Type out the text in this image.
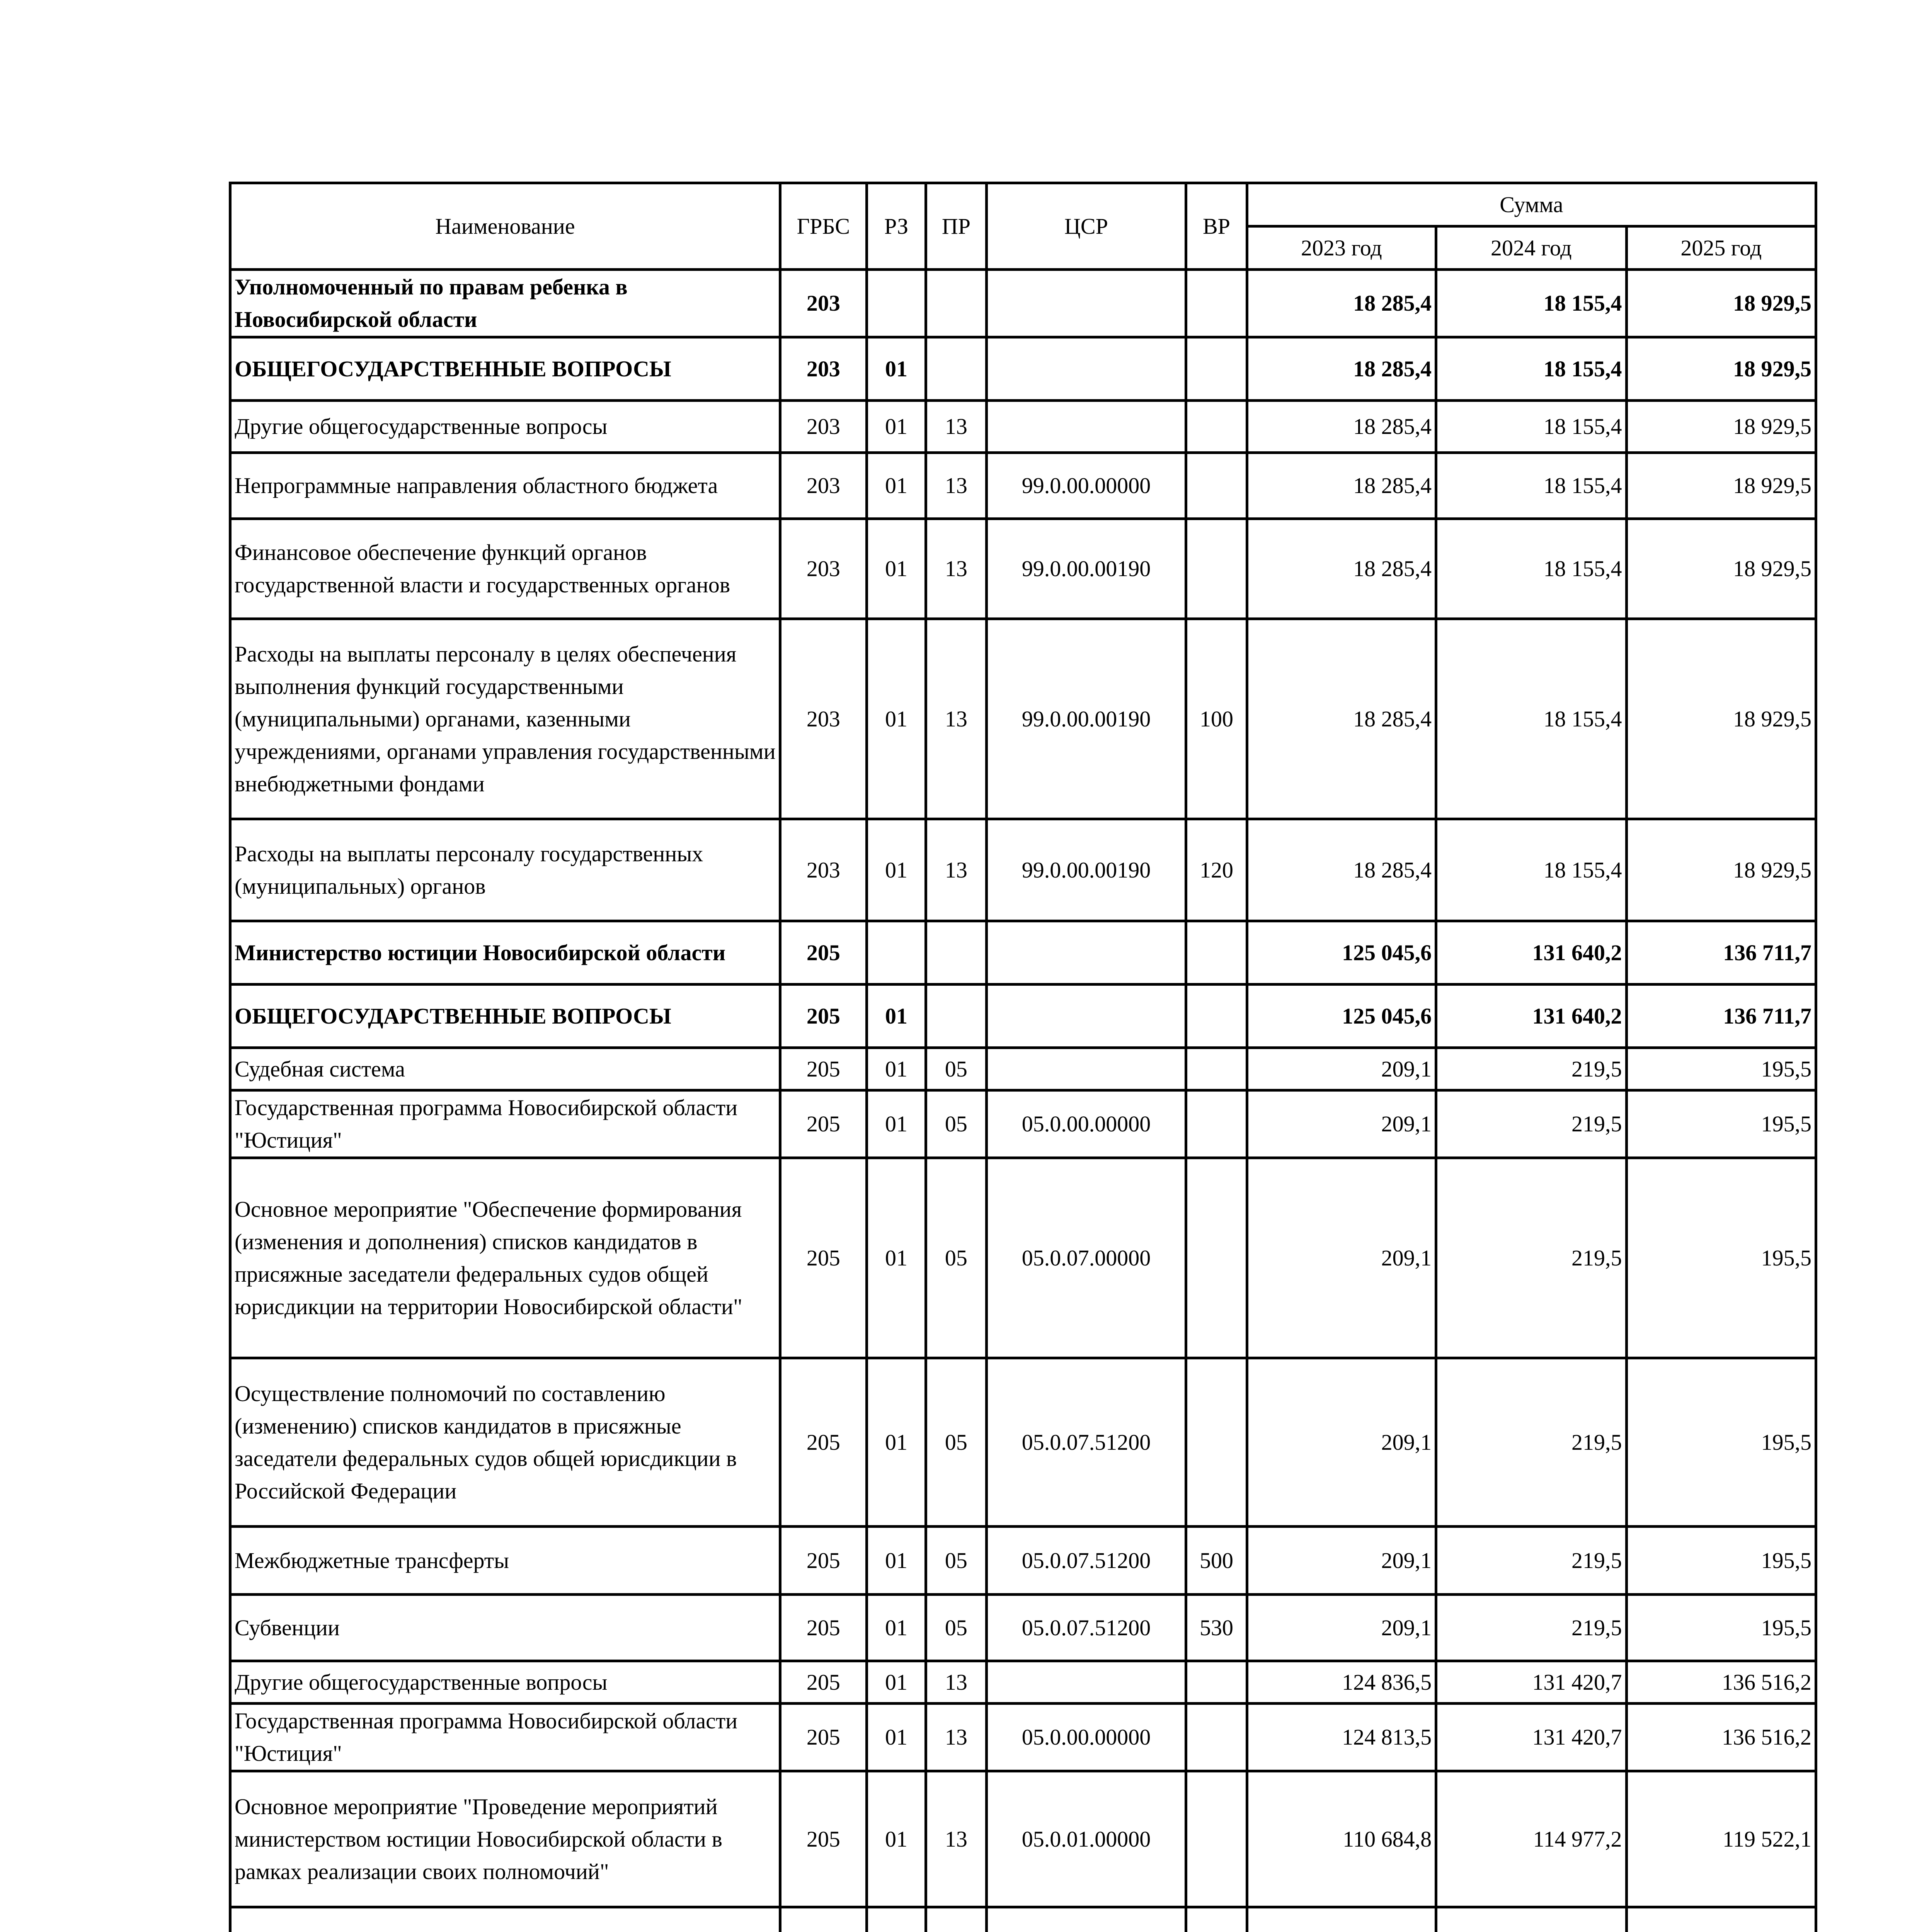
Наименование	ГРБС	РЗ	ПР	ЦСР	ВР	Сумма		
						2023 год	2024 год	2025 год
Уполномоченный по правам ребенка в Новосибирской области	203					18 285,4	18 155,4	18 929,5
ОБЩЕГОСУДАРСТВЕННЫЕ ВОПРОСЫ	203	01				18 285,4	18 155,4	18 929,5
Другие общегосударственные вопросы	203	01	13			18 285,4	18 155,4	18 929,5
Непрограммные направления областного бюджета	203	01	13	99.0.00.00000		18 285,4	18 155,4	18 929,5
Финансовое обеспечение функций органов государственной власти и государственных органов	203	01	13	99.0.00.00190		18 285,4	18 155,4	18 929,5
Расходы на выплаты персоналу в целях обеспечения выполнения функций государственными (муниципальными) органами, казенными учреждениями, органами управления государственными внебюджетными фондами	203	01	13	99.0.00.00190	100	18 285,4	18 155,4	18 929,5
Расходы на выплаты персоналу государственных (муниципальных) органов	203	01	13	99.0.00.00190	120	18 285,4	18 155,4	18 929,5
Министерство юстиции Новосибирской области	205					125 045,6	131 640,2	136 711,7
ОБЩЕГОСУДАРСТВЕННЫЕ ВОПРОСЫ	205	01				125 045,6	131 640,2	136 711,7
Судебная система	205	01	05			209,1	219,5	195,5
Государственная программа Новосибирской области "Юстиция"	205	01	05	05.0.00.00000		209,1	219,5	195,5
Основное мероприятие "Обеспечение формирования (изменения и дополнения) списков кандидатов в присяжные заседатели федеральных судов общей юрисдикции на территории Новосибирской области"	205	01	05	05.0.07.00000		209,1	219,5	195,5
Осуществление полномочий по составлению (изменению) списков кандидатов в присяжные заседатели федеральных судов общей юрисдикции в Российской Федерации	205	01	05	05.0.07.51200		209,1	219,5	195,5
Межбюджетные трансферты	205	01	05	05.0.07.51200	500	209,1	219,5	195,5
Субвенции	205	01	05	05.0.07.51200	530	209,1	219,5	195,5
Другие общегосударственные вопросы	205	01	13			124 836,5	131 420,7	136 516,2
Государственная программа Новосибирской области "Юстиция"	205	01	13	05.0.00.00000		124 813,5	131 420,7	136 516,2
Основное мероприятие "Проведение мероприятий министерством юстиции Новосибирской области в рамках реализации своих полномочий"	205	01	13	05.0.01.00000		110 684,8	114 977,2	119 522,1
